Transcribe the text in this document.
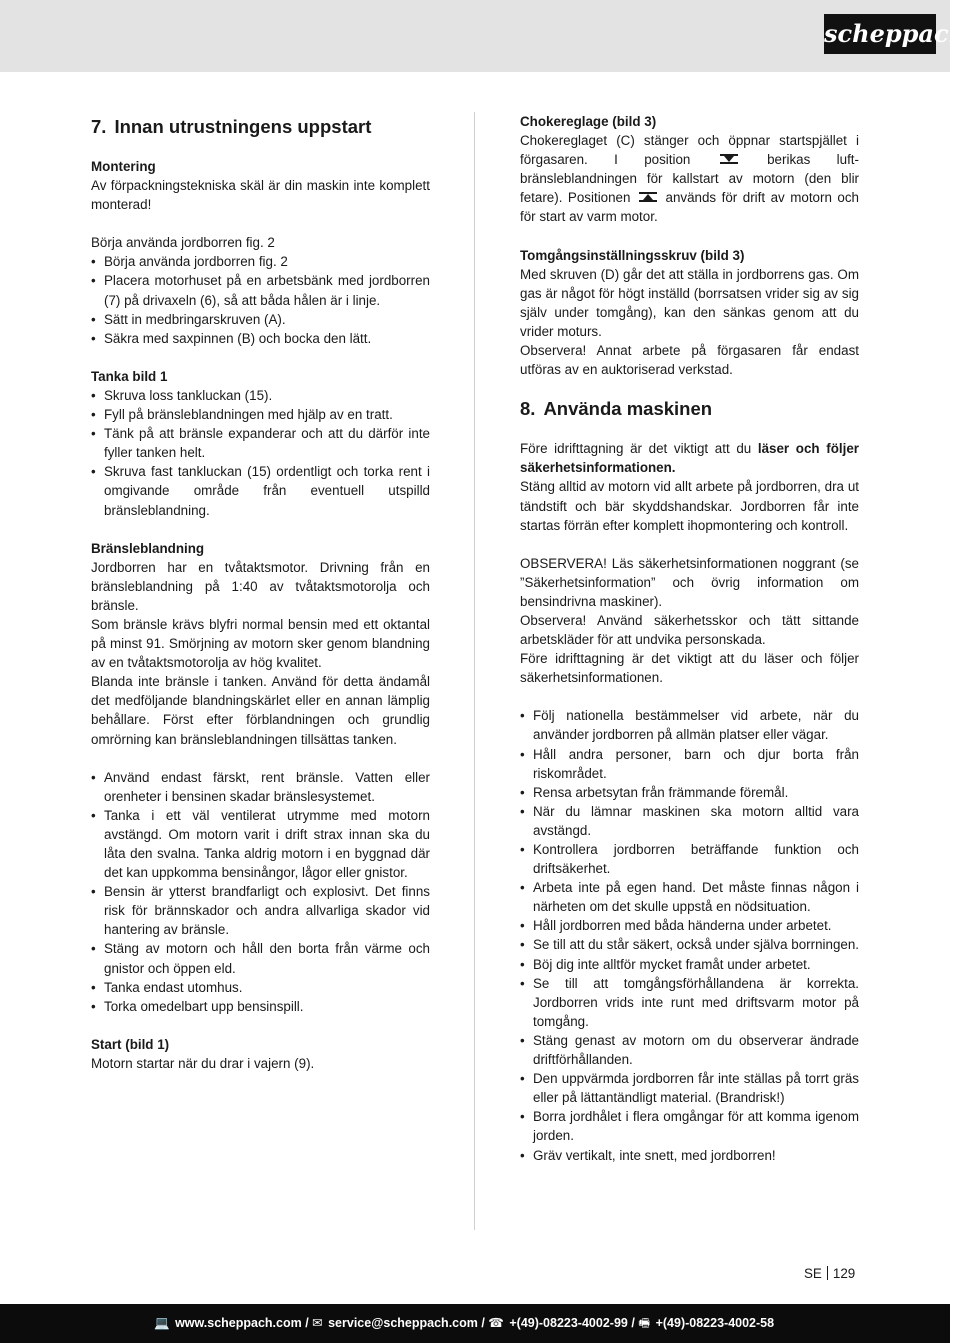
scheppach
7. Innan utrustningens uppstart
Montering

Av förpackningstekniska skäl är din maskin inte komplett monterad!

Börja använda jordborren fig. 2

• Börja använda jordborren fig. 2
• Placera motorhuset på en arbetsbänk med jordborren (7) på drivaxeln (6), så att båda hålen är i linje.
• Sätt in medbringarskruven (A).
• Säkra med saxpinnen (B) och bocka den lätt.
Tanka bild 1
• Skruva loss tankluckan (15).
• Fyll på bränsleblandningen med hjälp av en tratt.
• Tänk på att bränsle expanderar och att du därför inte fyller tanken helt.
• Skruva fast tankluckan (15) ordentligt och torka rent i omgivande område från eventuell utspilld bränsleblandning.
Bränsleblandning

Jordborren har en tvåtaktsmotor. Drivning från en bränsleblandning på 1:40 av tvåtaktsmotorolja och bränsle.

Som bränsle krävs blyfri normal bensin med ett oktantal på minst 91. Smörjning av motorn sker genom blandning av en tvåtaktsmotorolja av hög kvalitet.

Blanda inte bränsle i tanken. Använd för detta ändamål det medföljande blandningskärlet eller en annan lämplig behållare. Först efter förblandningen och grundlig omrörning kan bränsleblandningen tillsättas tanken.

• Använd endast färskt, rent bränsle. Vatten eller orenheter i bensinen skadar bränslesystemet.
• Tanka i ett väl ventilerat utrymme med motorn avstängd. Om motorn varit i drift strax innan ska du låta den svalna. Tanka aldrig motorn i en byggnad där det kan uppkomma bensinångor, lågor eller gnistor.
• Bensin är ytterst brandfarligt och explosivt. Det finns risk för brännskador och andra allvarliga skador vid hantering av bränsle.
• Stäng av motorn och håll den borta från värme och gnistor och öppen eld.
• Tanka endast utomhus.
• Torka omedelbart upp bensinspill.
Start (bild 1)

Motorn startar när du drar i vajern (9).

Chokereglage (bild 3)

Chokereglaget (C) stänger och öppnar startspjället i förgasaren. I position	berikas luft-bränsleblandningen för kallstart av motorn (den blir fetare). Positionen	används för drift av motorn och för start av varm motor.

Tomgångsinställningsskruv (bild 3)

Med skruven (D) går det att ställa in jordborrens gas. Om gas är något för högt inställd (borrsatsen vrider sig av sig själv under tomgång), kan den sänkas genom att du vrider moturs.

Observera! Annat arbete på förgasaren får endast utföras av en auktoriserad verkstad.

8. Använda maskinen

Före idrifttagning är det viktigt att du läser och följer säkerhetsinformationen.

Stäng alltid av motorn vid allt arbete på jordborren, dra ut tändstift och bär skyddshandskar. Jordborren får inte startas förrän efter komplett ihopmontering och kontroll.

OBSERVERA! Läs säkerhetsinformationen noggrant (se ”Säkerhetsinformation” och övrig information om bensindrivna maskiner).

Observera! Använd säkerhetsskor och tätt sittande arbetskläder för att undvika personskada.

Före idrifttagning är det viktigt att du läser och följer säkerhetsinformationen.

• Följ nationella bestämmelser vid arbete, när du använder jordborren på allmän platser eller vägar.
• Håll andra personer, barn och djur borta från riskområdet.
• Rensa arbetsytan från främmande föremål.
• När du lämnar maskinen ska motorn alltid vara avstängd.
• Kontrollera jordborren beträffande funktion och driftsäkerhet.
• Arbeta inte på egen hand. Det måste finnas någon i närheten om det skulle uppstå en nödsituation.
• Håll jordborren med båda händerna under arbetet.
• Se till att du står säkert, också under själva borrningen.
• Böj dig inte alltför mycket framåt under arbetet.
• Se till att tomgångsförhållandena är korrekta. Jordborren vrids inte runt med driftsvarm motor på tomgång.
• Stäng genast av motorn om du observerar ändrade driftförhållanden.
• Den uppvärmda jordborren får inte ställas på torrt gräs eller på lättantändligt material. (Brandrisk!)
• Borra jordhålet i flera omgångar för att komma igenom jorden.
• Gräv vertikalt, inte snett, med jordborren!
SE 129
💻 www.scheppach.com / ✉ service@scheppach.com / ☎ +(49)-08223-4002-99 / 🖷 +(49)-08223-4002-58
